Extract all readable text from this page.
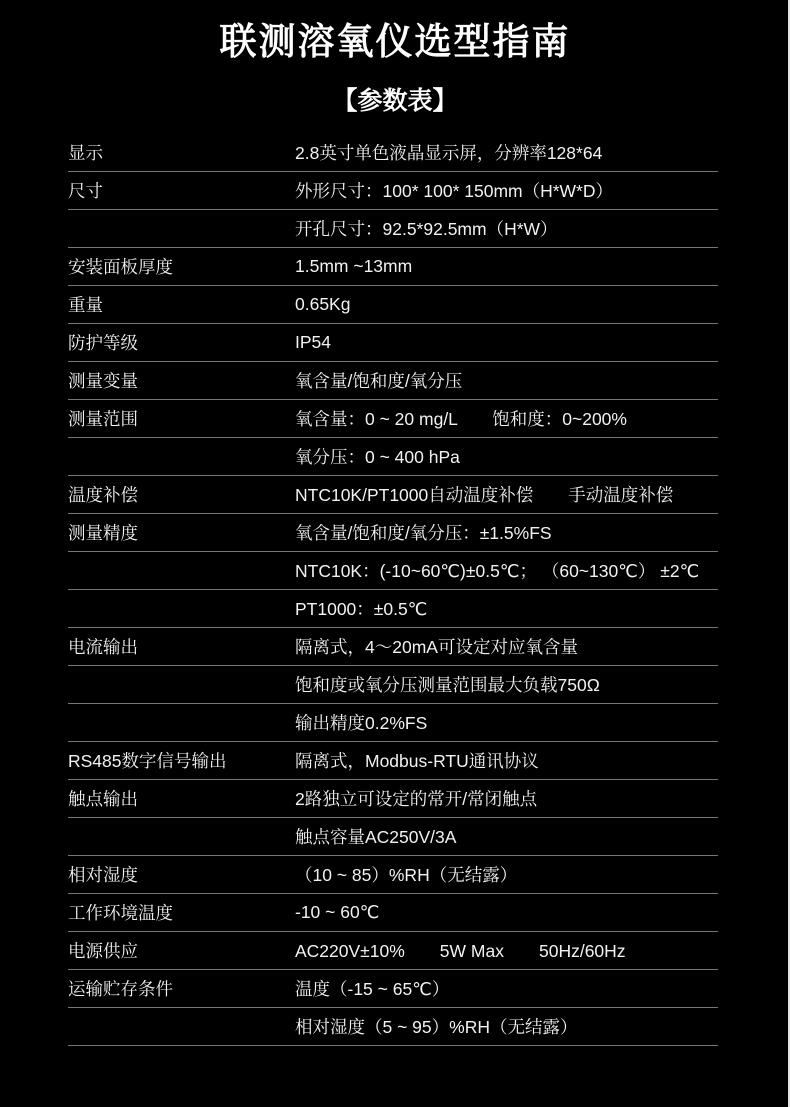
联测溶氧仪选型指南
【参数表】
显示	2.8英寸单色液晶显示屏，分辨率128*64
尺寸	外形尺寸：100* 100* 150mm（H*W*D）
开孔尺寸：92.5*92.5mm（H*W）
安装面板厚度	1.5mm ~13mm
重量	0.65Kg
防护等级	IP54
测量变量	氧含量/饱和度/氧分压
测量范围	氧含量：0 ~ 20 mg/L　　饱和度：0~200%
氧分压：0 ~ 400 hPa
温度补偿	NTC10K/PT1000自动温度补偿　　手动温度补偿
测量精度	氧含量/饱和度/氧分压：±1.5%FS
NTC10K：(-10~60℃)±0.5℃； （60~130℃） ±2℃
PT1000：±0.5℃
电流输出	隔离式，4～20mA可设定对应氧含量
饱和度或氧分压测量范围最大负载750Ω
输出精度0.2%FS
RS485数字信号输出	隔离式，Modbus-RTU通讯协议
触点输出	2路独立可设定的常开/常闭触点
触点容量AC250V/3A
相对湿度	（10 ~ 85）%RH（无结露）
工作环境温度	-10 ~ 60℃
电源供应	AC220V±10%　　5W Max　　50Hz/60Hz
运输贮存条件	温度（-15 ~ 65℃）
相对湿度（5 ~ 95）%RH（无结露）
